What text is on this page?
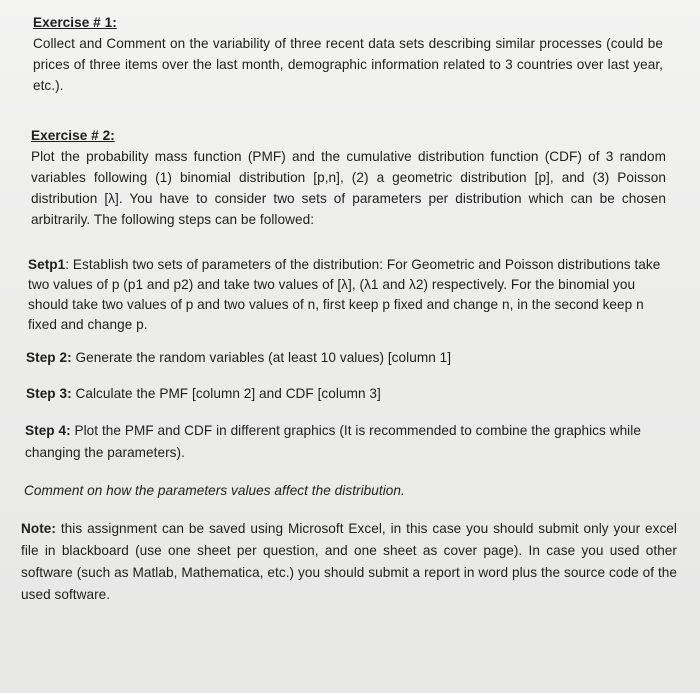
Exercise # 1:
Collect and Comment on the variability of three recent data sets describing similar processes (could be prices of three items over the last month, demographic information related to 3 countries over last year, etc.).
Exercise # 2:
Plot the probability mass function (PMF) and the cumulative distribution function (CDF) of 3 random variables following (1) binomial distribution [p,n], (2) a geometric distribution [p], and (3) Poisson distribution [λ]. You have to consider two sets of parameters per distribution which can be chosen arbitrarily. The following steps can be followed:
Setp1: Establish two sets of parameters of the distribution: For Geometric and Poisson distributions take two values of p (p1 and p2) and take two values of [λ], (λ1 and λ2) respectively. For the binomial you should take two values of p and two values of n, first keep p fixed and change n, in the second keep n fixed and change p.
Step 2: Generate the random variables (at least 10 values) [column 1]
Step 3: Calculate the PMF [column 2] and CDF [column 3]
Step 4: Plot the PMF and CDF in different graphics (It is recommended to combine the graphics while changing the parameters).
Comment on how the parameters values affect the distribution.
Note: this assignment can be saved using Microsoft Excel, in this case you should submit only your excel file in blackboard (use one sheet per question, and one sheet as cover page). In case you used other software (such as Matlab, Mathematica, etc.) you should submit a report in word plus the source code of the used software.
